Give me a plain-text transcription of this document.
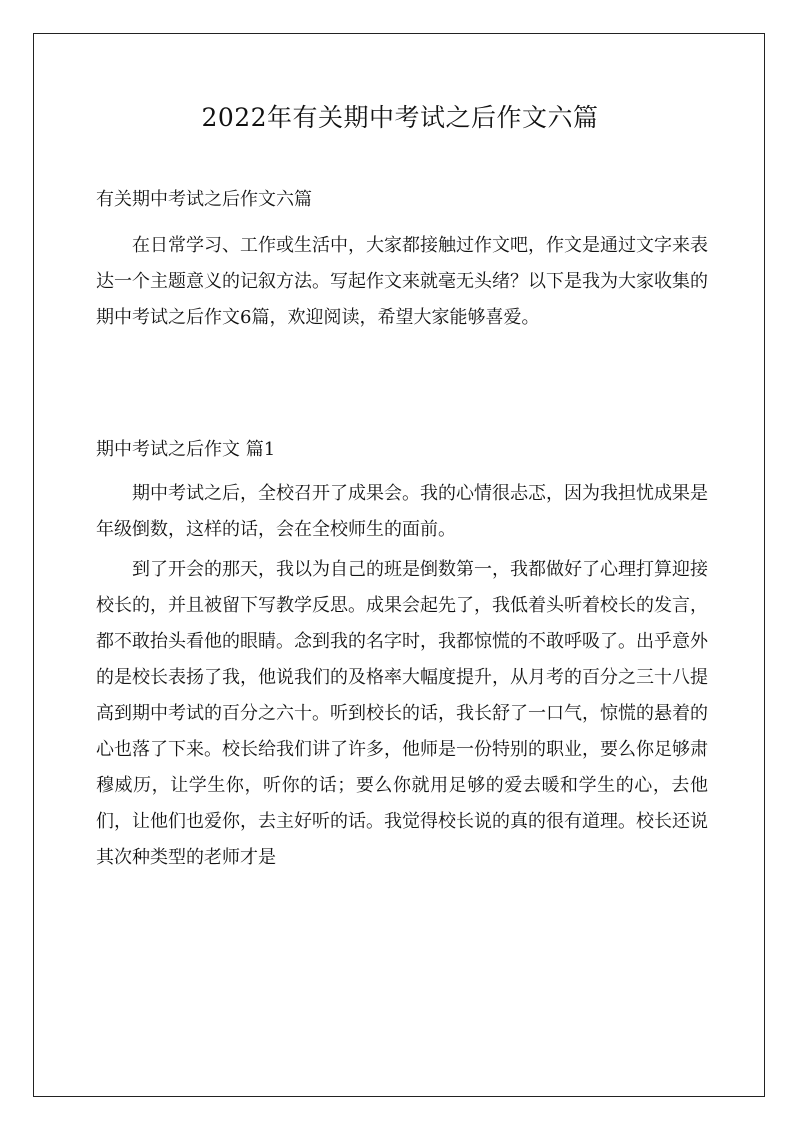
2022年有关期中考试之后作文六篇

有关期中考试之后作文六篇

在日常学习、工作或生活中，大家都接触过作文吧，作文是通过文字来表达一个主题意义的记叙方法。写起作文来就毫无头绪？以下是我为大家收集的期中考试之后作文6篇，欢迎阅读，希望大家能够喜爱。

期中考试之后作文 篇1

期中考试之后，全校召开了成果会。我的心情很忐忑，因为我担忧成果是年级倒数，这样的话，会在全校师生的面前。

到了开会的那天，我以为自己的班是倒数第一，我都做好了心理打算迎接校长的，并且被留下写教学反思。成果会起先了，我低着头听着校长的发言，都不敢抬头看他的眼睛。念到我的名字时，我都惊慌的不敢呼吸了。出乎意外的是校长表扬了我，他说我们的及格率大幅度提升，从月考的百分之三十八提高到期中考试的百分之六十。听到校长的话，我长舒了一口气，惊慌的悬着的心也落了下来。校长给我们讲了许多，他师是一份特别的职业，要么你足够肃穆威历，让学生你，听你的话；要么你就用足够的爱去暖和学生的心，去他们，让他们也爱你，去主好听的话。我觉得校长说的真的很有道理。校长还说其次种类型的老师才是
